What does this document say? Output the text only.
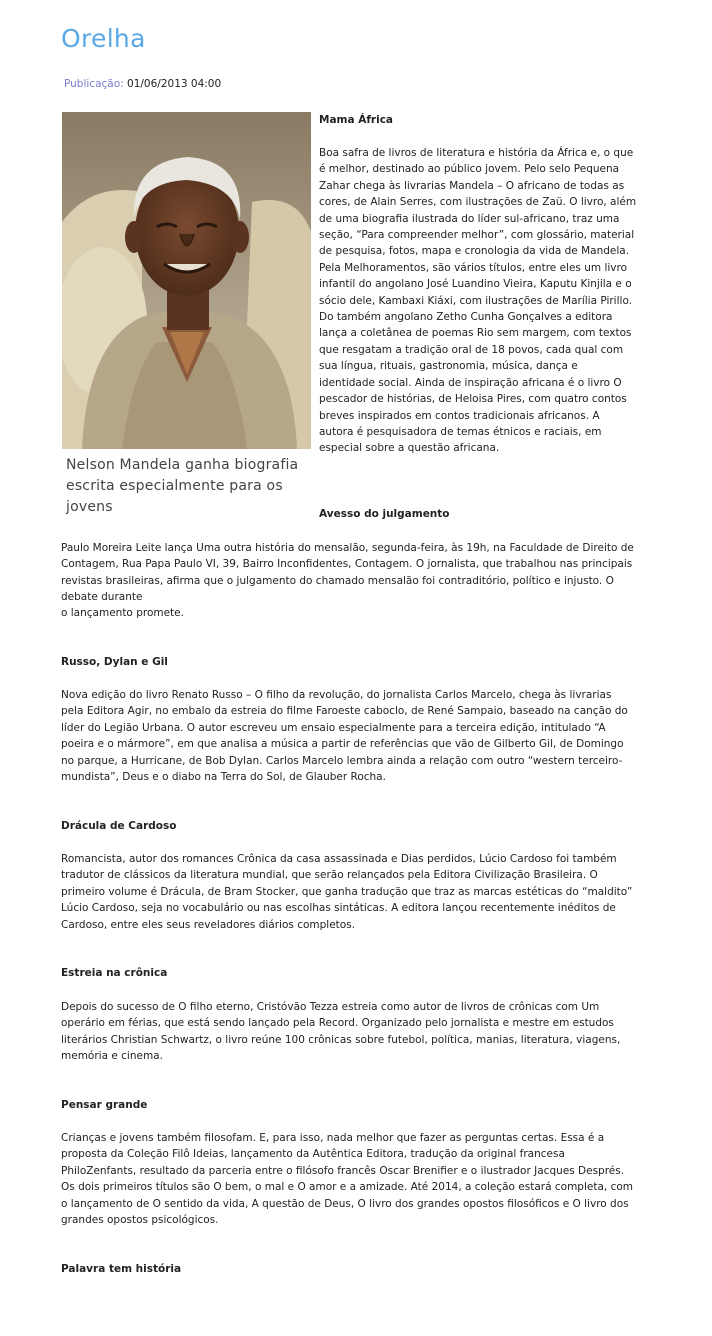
Orelha
Publicação: 01/06/2013 04:00
Nelson Mandela ganha biografia escrita especialmente para os jovens

Mama África

Boa safra de livros de literatura e história da África e, o que é melhor, destinado ao público jovem. Pelo selo Pequena Zahar chega às livrarias Mandela – O africano de todas as cores, de Alain Serres, com ilustrações de Zaü. O livro, além de uma biografia ilustrada do líder sul-africano, traz uma seção, “Para compreender melhor”, com glossário, material de pesquisa, fotos, mapa e cronologia da vida de Mandela. Pela Melhoramentos, são vários títulos, entre eles um livro infantil do angolano José Luandino Vieira, Kaputu Kinjila e o sócio dele, Kambaxi Kiáxi, com ilustrações de Marília Pirillo. Do também angolano Zetho Cunha Gonçalves a editora lança a coletânea de poemas Rio sem margem, com textos que resgatam a tradição oral de 18 povos, cada qual com sua língua, rituais, gastronomia, música, dança e identidade social. Ainda de inspiração africana é o livro O pescador de histórias, de Heloisa Pires, com quatro contos breves inspirados em contos tradicionais africanos. A autora é pesquisadora de temas étnicos e raciais, em especial sobre a questão africana.

Avesso do julgamento

Paulo Moreira Leite lança Uma outra história do mensalão, segunda-feira, às 19h, na Faculdade de Direito de Contagem, Rua Papa Paulo VI, 39, Bairro Inconfidentes, Contagem. O jornalista, que trabalhou nas principais revistas brasileiras, afirma que o julgamento do chamado mensalão foi contraditório, político e injusto. O debate durante

o lançamento promete.

Russo, Dylan e Gil

Nova edição do livro Renato Russo – O filho da revolução, do jornalista Carlos Marcelo, chega às livrarias pela Editora Agir, no embalo da estreia do filme Faroeste caboclo, de René Sampaio, baseado na canção do líder do Legião Urbana. O autor escreveu um ensaio especialmente para a terceira edição, intitulado “A poeira e o mármore”, em que analisa a música a partir de referências que vão de Gilberto Gil, de Domingo no parque, a Hurricane, de Bob Dylan. Carlos Marcelo lembra ainda a relação com outro “western terceiro-mundista”, Deus e o diabo na Terra do Sol, de Glauber Rocha.

Drácula de Cardoso

Romancista, autor dos romances Crônica da casa assassinada e Dias perdidos, Lúcio Cardoso foi também tradutor de clássicos da literatura mundial, que serão relançados pela Editora Civilização Brasileira. O primeiro volume é Drácula, de Bram Stocker, que ganha tradução que traz as marcas estéticas do “maldito” Lúcio Cardoso, seja no vocabulário ou nas escolhas sintáticas. A editora lançou recentemente inéditos de Cardoso, entre eles seus reveladores diários completos.

Estreia na crônica

Depois do sucesso de O filho eterno, Cristóvão Tezza estreia como autor de livros de crônicas com Um operário em férias, que está sendo lançado pela Record. Organizado pelo jornalista e mestre em estudos literários Christian Schwartz, o livro reúne 100 crônicas sobre futebol, política, manias, literatura, viagens, memória e cinema.

Pensar grande

Crianças e jovens também filosofam. E, para isso, nada melhor que fazer as perguntas certas. Essa é a proposta da Coleção Filô Ideias, lançamento da Autêntica Editora, tradução da original francesa PhiloZenfants, resultado da parceria entre o filósofo francês Oscar Brenifier e o ilustrador Jacques Després. Os dois primeiros títulos são O bem, o mal e O amor e a amizade. Até 2014, a coleção estará completa, com o lançamento de O sentido da vida, A questão de Deus, O livro dos grandes opostos filosóficos e O livro dos grandes opostos psicológicos.

Palavra tem história
